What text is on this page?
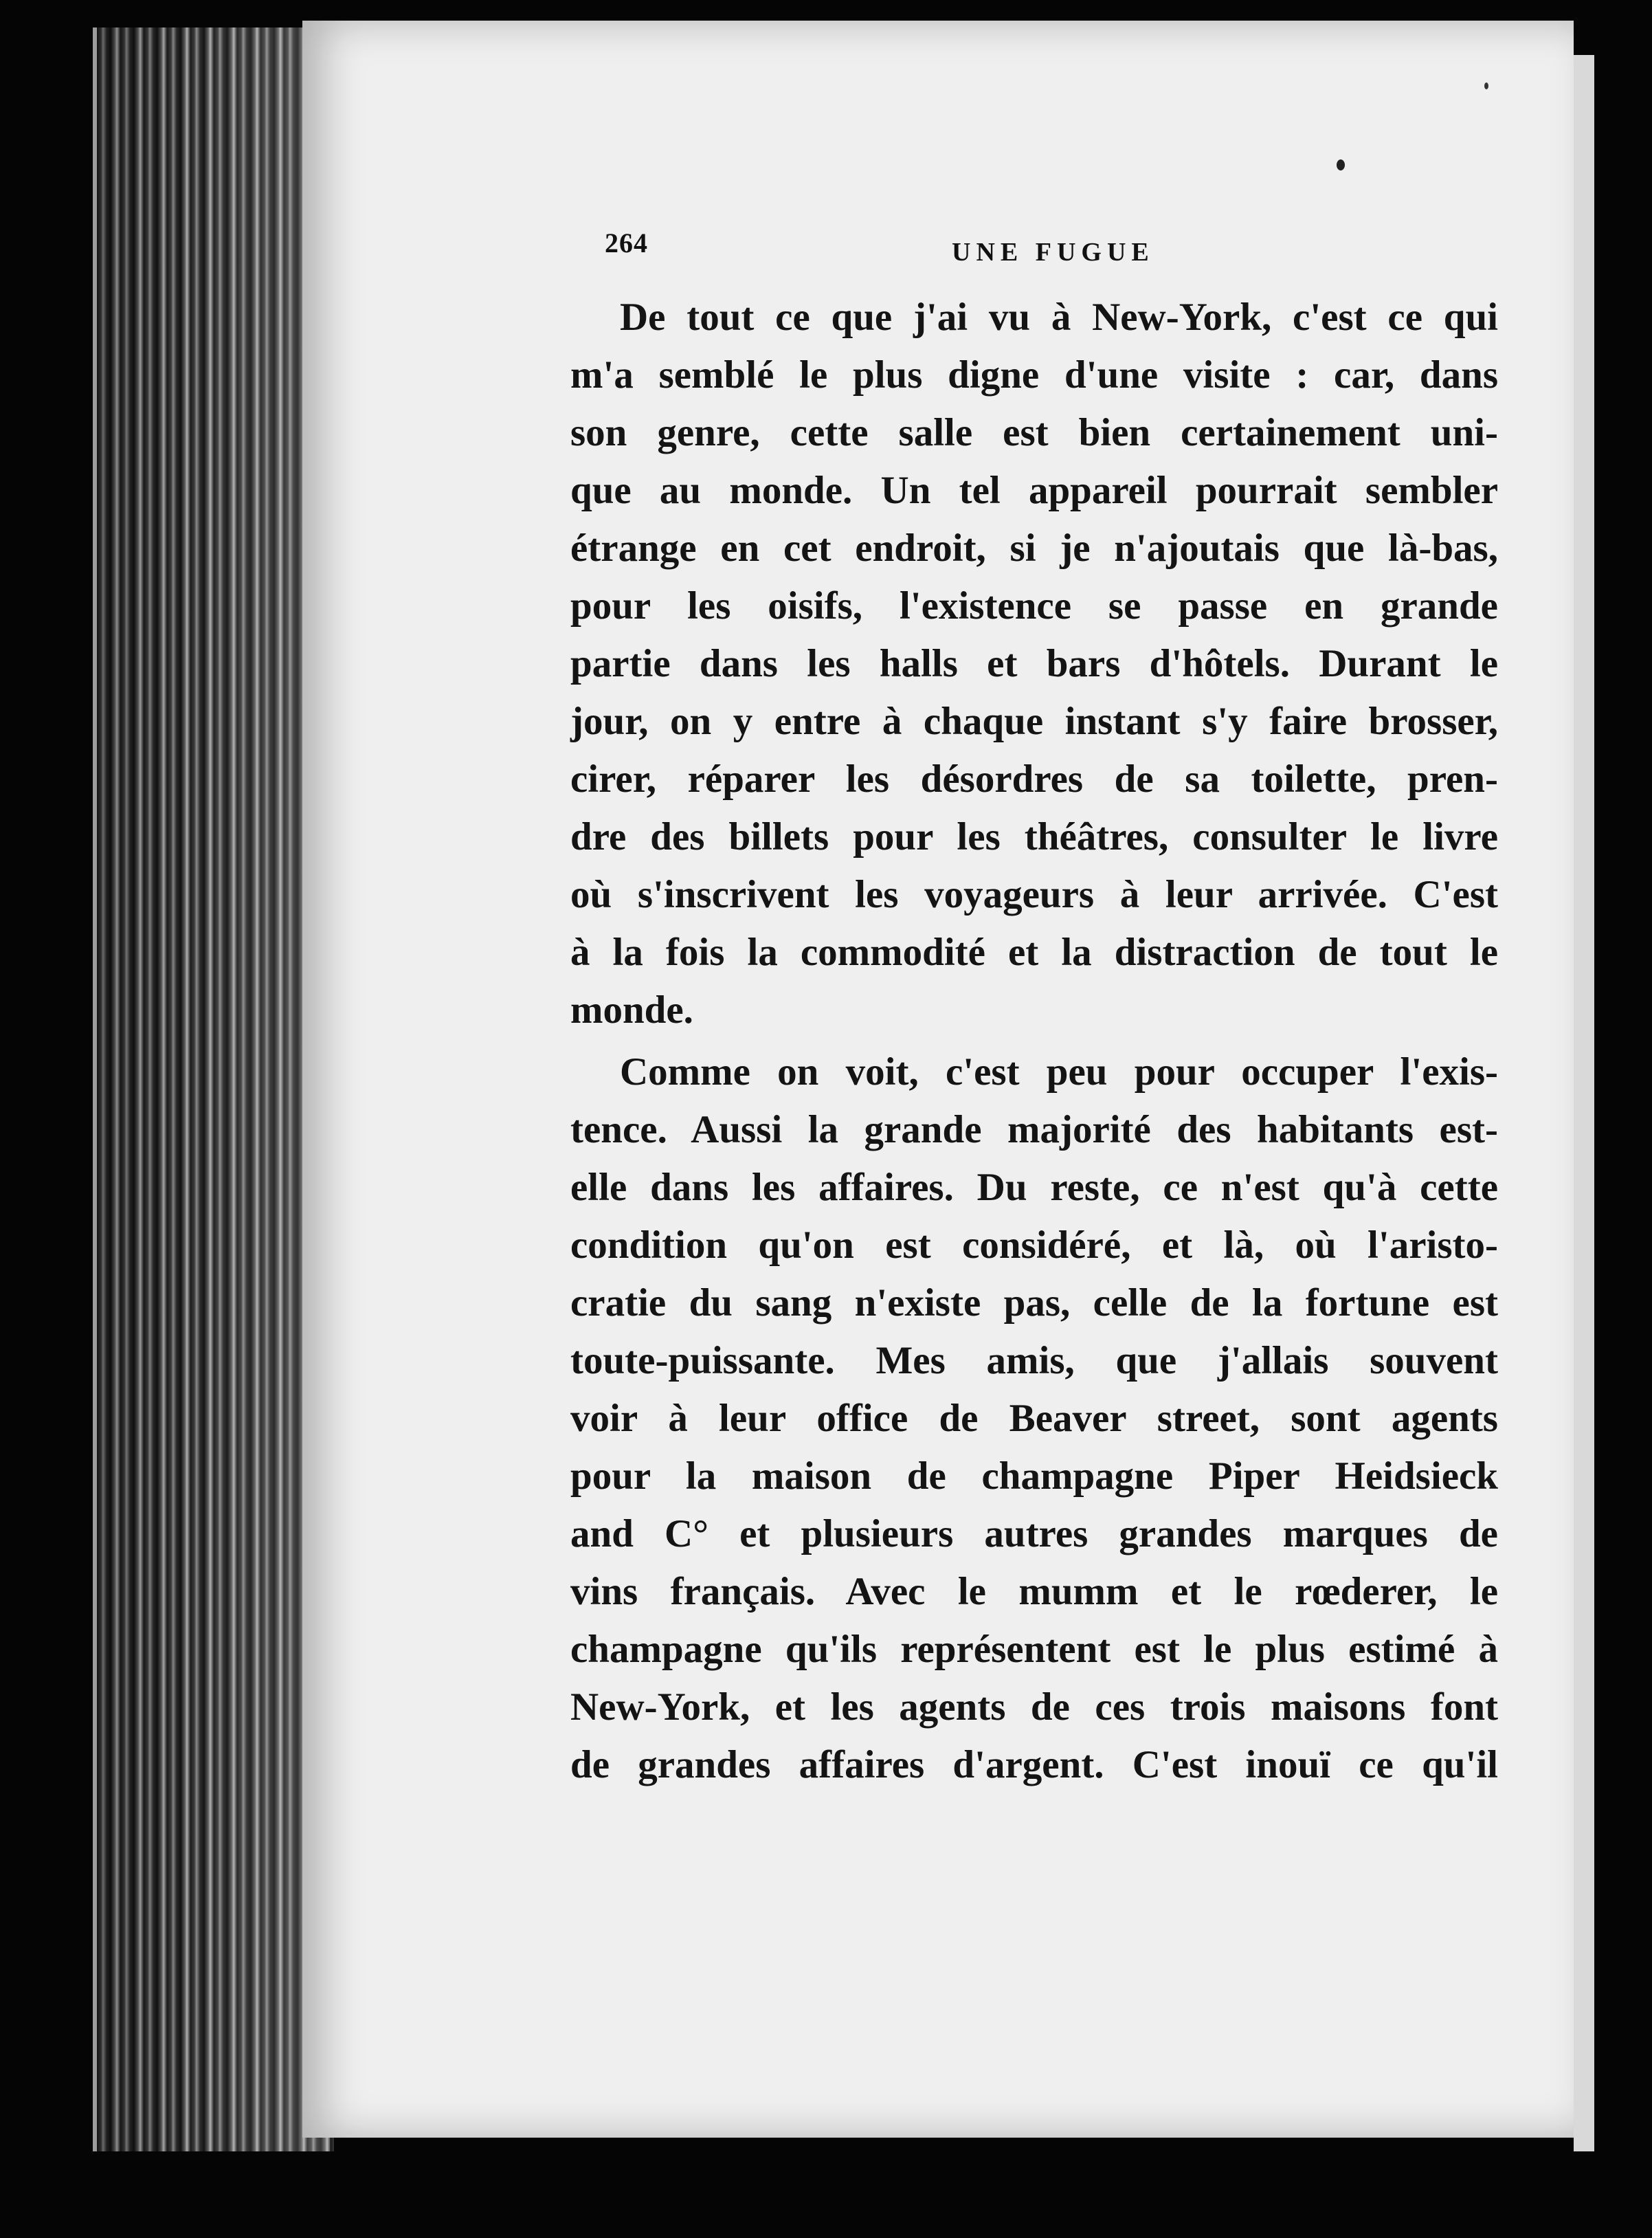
264	UNE FUGUE
De tout ce que j'ai vu à New-York, c'est ce qui
m'a semblé le plus digne d'une visite : car, dans
son genre, cette salle est bien certainement uni-
que au monde. Un tel appareil pourrait sembler
étrange en cet endroit, si je n'ajoutais que là-bas,
pour les oisifs, l'existence se passe en grande
partie dans les halls et bars d'hôtels. Durant le
jour, on y entre à chaque instant s'y faire brosser,
cirer, réparer les désordres de sa toilette, pren-
dre des billets pour les théâtres, consulter le livre
où s'inscrivent les voyageurs à leur arrivée. C'est
à la fois la commodité et la distraction de tout le
monde.
Comme on voit, c'est peu pour occuper l'exis-
tence. Aussi la grande majorité des habitants est-
elle dans les affaires. Du reste, ce n'est qu'à cette
condition qu'on est considéré, et là, où l'aristo-
cratie du sang n'existe pas, celle de la fortune est
toute-puissante. Mes amis, que j'allais souvent
voir à leur office de Beaver street, sont agents
pour la maison de champagne Piper Heidsieck
and C° et plusieurs autres grandes marques de
vins français. Avec le mumm et le rœderer, le
champagne qu'ils représentent est le plus estimé à
New-York, et les agents de ces trois maisons font
de grandes affaires d'argent. C'est inouï ce qu'il
